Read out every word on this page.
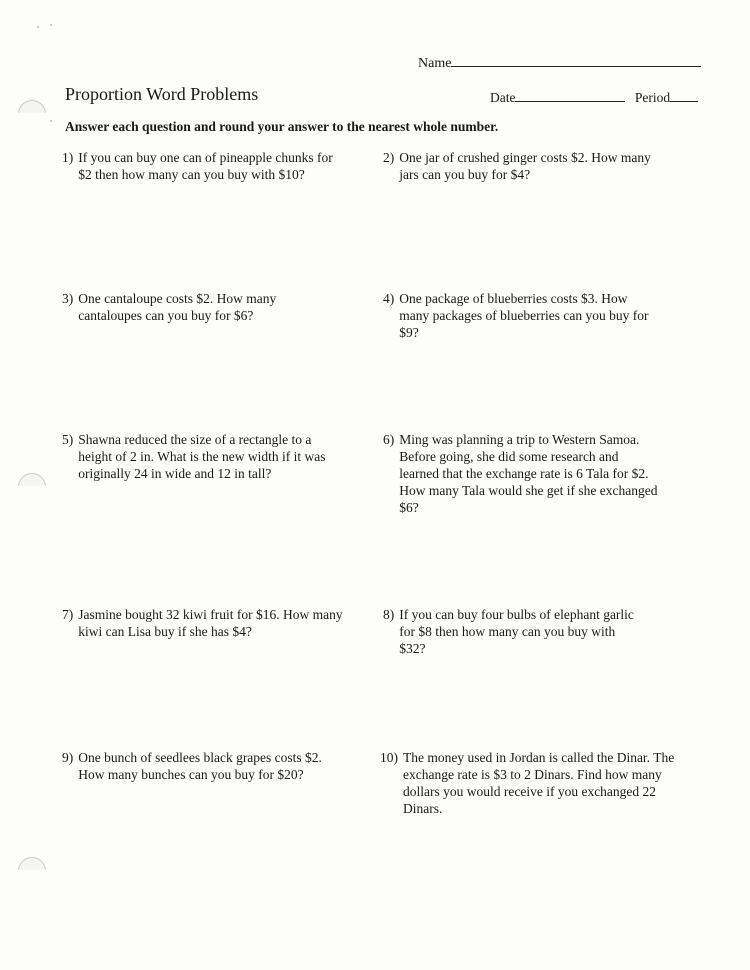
Name
Proportion Word Problems	Date	Period
Answer each question and round your answer to the nearest whole number.
1) If you can buy one can of pineapple chunks for $2 then how many can you buy with $10?
2) One jar of crushed ginger costs $2. How many jars can you buy for $4?
3) One cantaloupe costs $2. How many cantaloupes can you buy for $6?
4) One package of blueberries costs $3. How many packages of blueberries can you buy for $9?
5) Shawna reduced the size of a rectangle to a height of 2 in. What is the new width if it was originally 24 in wide and 12 in tall?
6) Ming was planning a trip to Western Samoa. Before going, she did some research and learned that the exchange rate is 6 Tala for $2. How many Tala would she get if she exchanged $6?
7) Jasmine bought 32 kiwi fruit for $16. How many kiwi can Lisa buy if she has $4?
8) If you can buy four bulbs of elephant garlic for $8 then how many can you buy with $32?
9) One bunch of seedlees black grapes costs $2. How many bunches can you buy for $20?
10) The money used in Jordan is called the Dinar. The exchange rate is $3 to 2 Dinars. Find how many dollars you would receive if you exchanged 22 Dinars.
